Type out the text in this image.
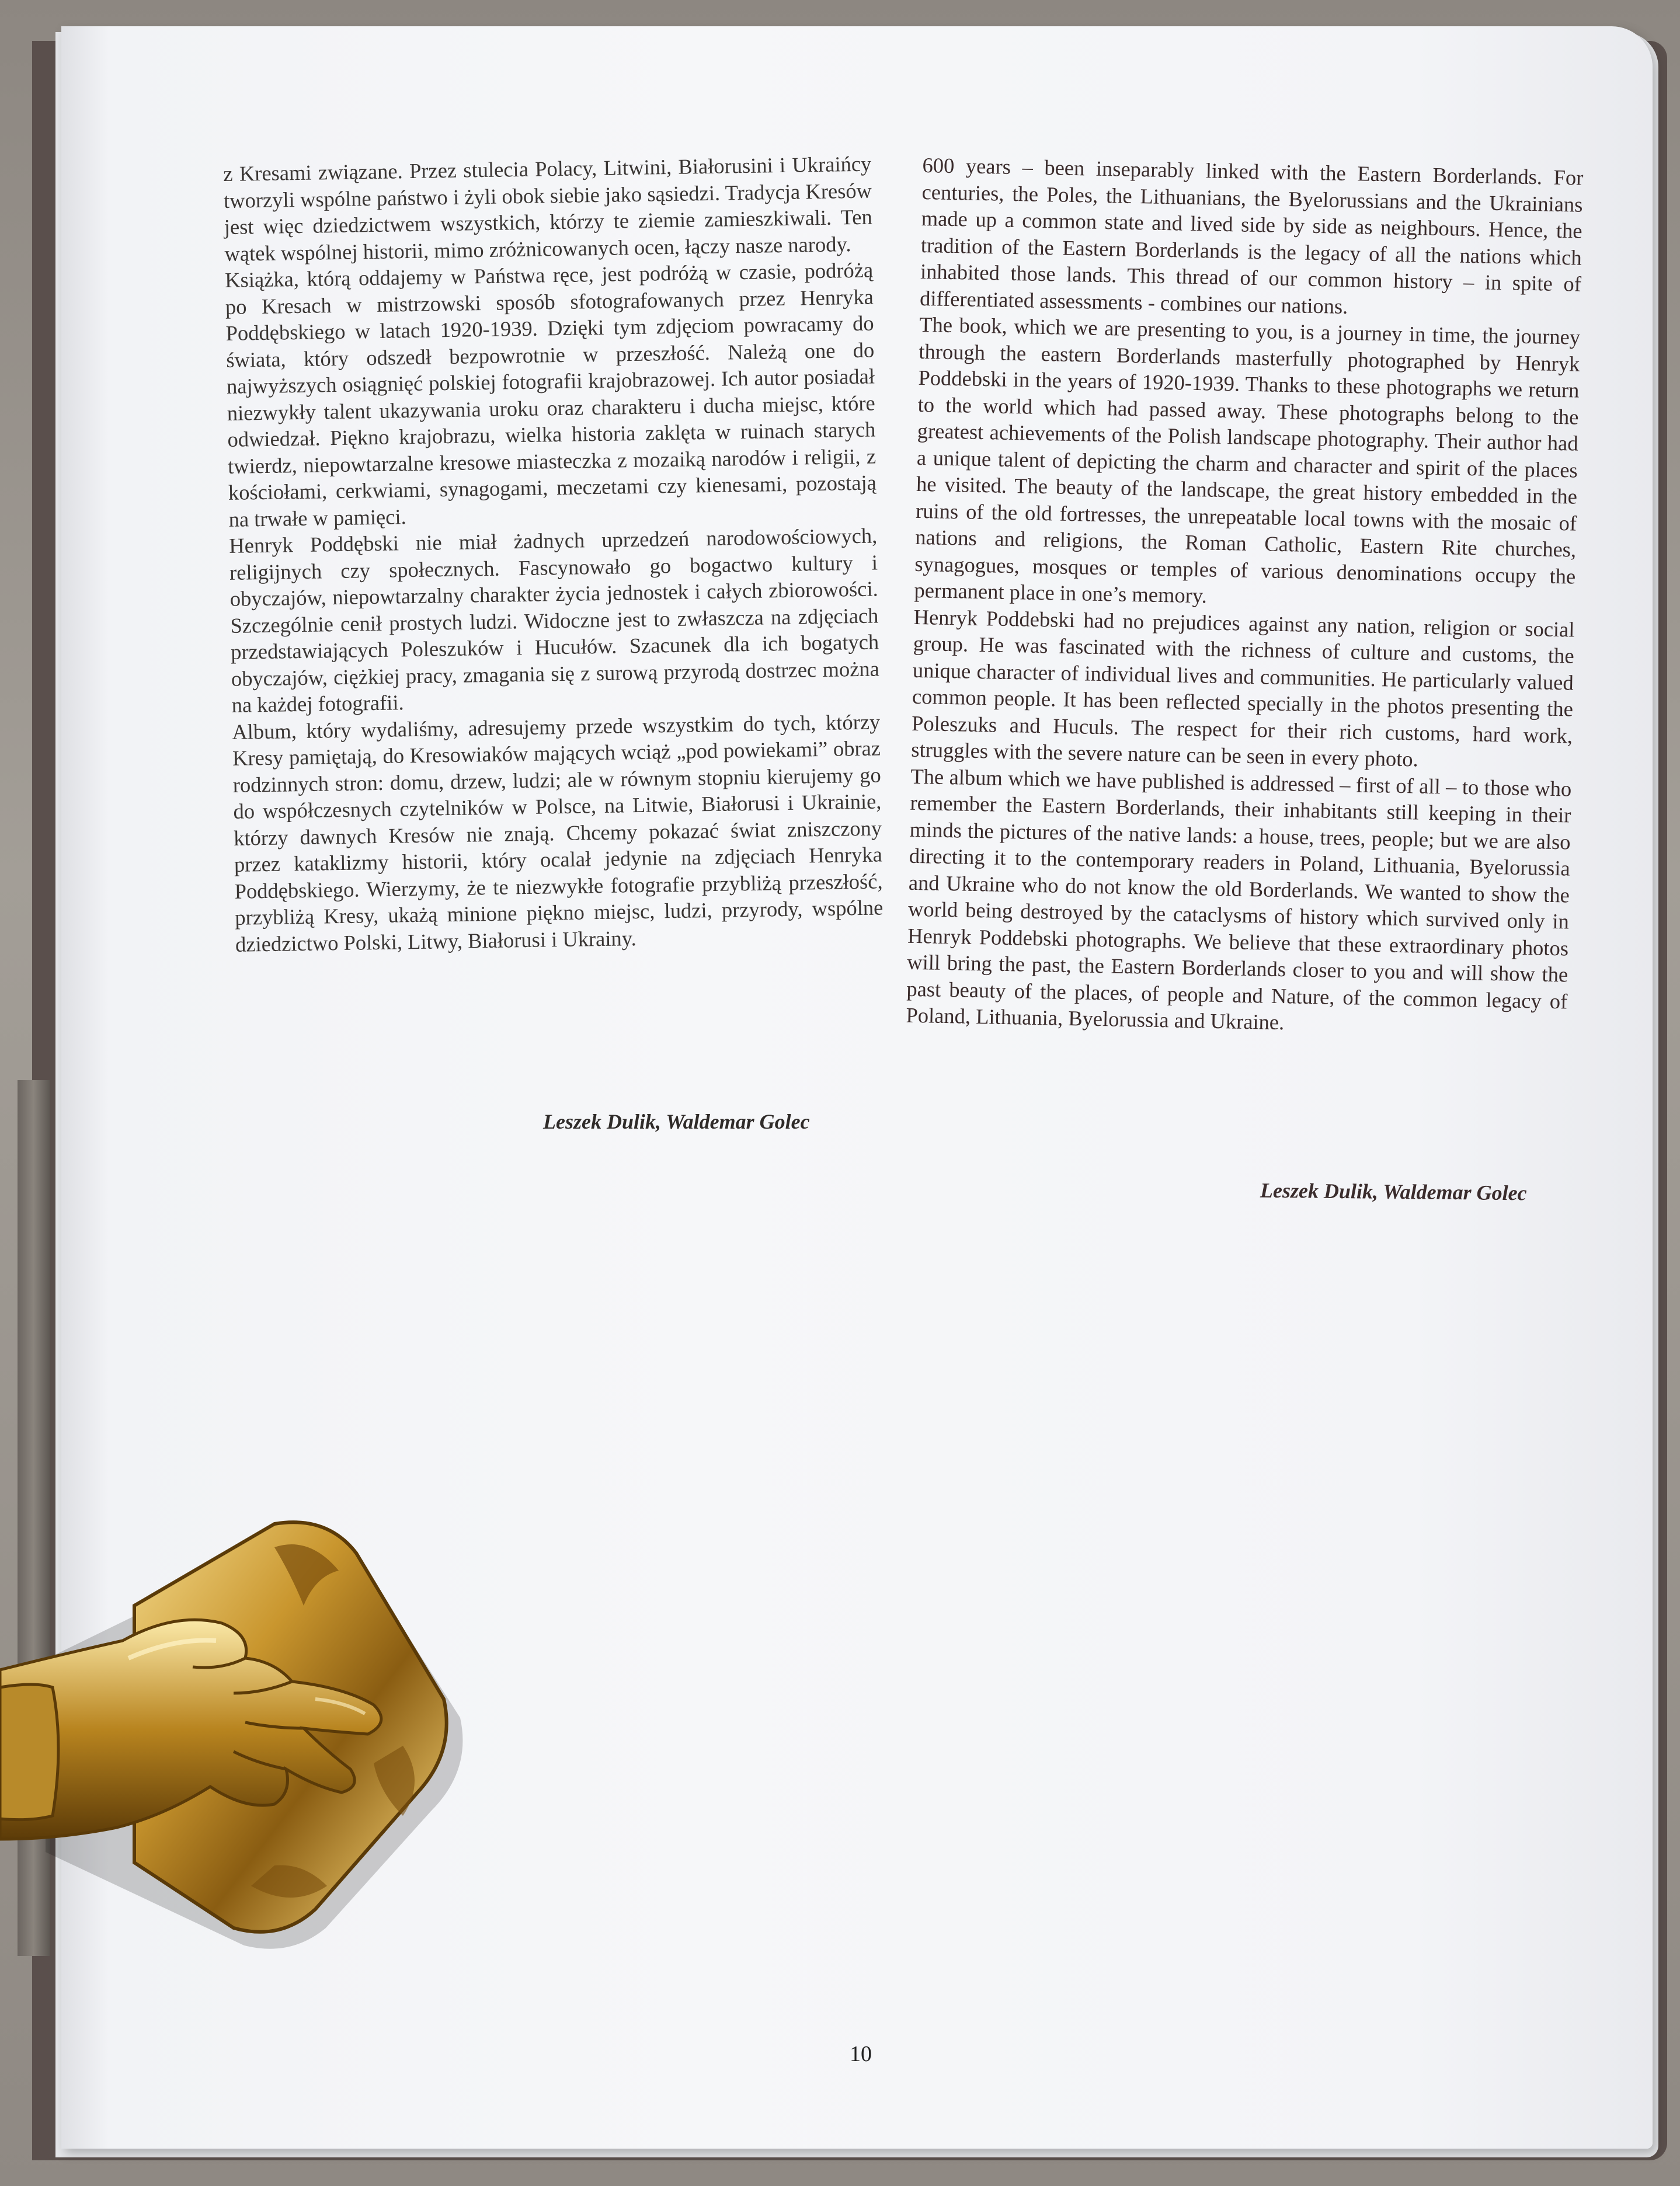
z Kresami związane. Przez stulecia Polacy, Litwini, Białorusini i Ukraińcy tworzyli wspólne państwo i żyli obok siebie jako sąsiedzi. Tradycja Kresów jest więc dziedzictwem wszystkich, którzy te ziemie zamieszkiwali. Ten wątek wspólnej historii, mimo zróżnicowanych ocen, łączy nasze narody.

Książka, którą oddajemy w Państwa ręce, jest podróżą w czasie, podróżą po Kresach w mistrzowski sposób sfotografowanych przez Henryka Poddębskiego w latach 1920-1939. Dzięki tym zdjęciom powracamy do świata, który odszedł bezpowrotnie w przeszłość. Należą one do najwyższych osiągnięć polskiej fotografii krajobrazowej. Ich autor posiadał niezwykły talent ukazywania uroku oraz charakteru i ducha miejsc, które odwiedzał. Piękno krajobrazu, wielka historia zaklęta w ruinach starych twierdz, niepowtarzalne kresowe miasteczka z mozaiką narodów i religii, z kościołami, cerkwiami, synagogami, meczetami czy kienesami, pozostają na trwałe w pamięci.

Henryk Poddębski nie miał żadnych uprzedzeń narodowościowych, religijnych czy społecznych. Fascynowało go bogactwo kultury i obyczajów, niepowtarzalny charakter życia jednostek i całych zbiorowości. Szczególnie cenił prostych ludzi. Widoczne jest to zwłaszcza na zdjęciach przedstawiających Poleszuków i Hucułów. Szacunek dla ich bogatych obyczajów, ciężkiej pracy, zmagania się z surową przyrodą dostrzec można na każdej fotografii.

Album, który wydaliśmy, adresujemy przede wszystkim do tych, którzy Kresy pamiętają, do Kresowiaków mających wciąż „pod powiekami” obraz rodzinnych stron: domu, drzew, ludzi; ale w równym stopniu kierujemy go do współczesnych czytelników w Polsce, na Litwie, Białorusi i Ukrainie, którzy dawnych Kresów nie znają. Chcemy pokazać świat zniszczony przez kataklizmy historii, który ocalał jedynie na zdjęciach Henryka Poddębskiego. Wierzymy, że te niezwykłe fotografie przybliżą przeszłość, przybliżą Kresy, ukażą minione piękno miejsc, ludzi, przyrody, wspólne dziedzictwo Polski, Litwy, Białorusi i Ukrainy.

Leszek Dulik, Waldemar Golec

600 years – been inseparably linked with the Eastern Borderlands. For centuries, the Poles, the Lithuanians, the Byelorussians and the Ukrainians made up a common state and lived side by side as neighbours. Hence, the tradition of the Eastern Borderlands is the legacy of all the nations which inhabited those lands. This thread of our common history – in spite of differentiated assessments - combines our nations.

The book, which we are presenting to you, is a journey in time, the journey through the eastern Borderlands masterfully photographed by Henryk Poddebski in the years of 1920-1939. Thanks to these photographs we return to the world which had passed away. These photographs belong to the greatest achievements of the Polish landscape photography. Their author had a unique talent of depicting the charm and character and spirit of the places he visited. The beauty of the landscape, the great history embedded in the ruins of the old fortresses, the unrepeatable local towns with the mosaic of nations and religions, the Roman Catholic, Eastern Rite churches, synagogues, mosques or temples of various denominations occupy the permanent place in one’s memory.

Henryk Poddebski had no prejudices against any nation, religion or social group. He was fascinated with the richness of culture and customs, the unique character of individual lives and communities. He particularly valued common people. It has been reflected specially in the photos presenting the Poleszuks and Huculs. The respect for their rich customs, hard work, struggles with the severe nature can be seen in every photo.

The album which we have published is addressed – first of all – to those who remember the Eastern Borderlands, their inhabitants still keeping in their minds the pictures of the native lands: a house, trees, people; but we are also directing it to the contemporary readers in Poland, Lithuania, Byelorussia and Ukraine who do not know the old Borderlands. We wanted to show the world being destroyed by the cataclysms of history which survived only in Henryk Poddebski photographs. We believe that these extraordinary photos will bring the past, the Eastern Borderlands closer to you and will show the past beauty of the places, of people and Nature, of the common legacy of Poland, Lithuania, Byelorussia and Ukraine.

Leszek Dulik, Waldemar Golec
10
